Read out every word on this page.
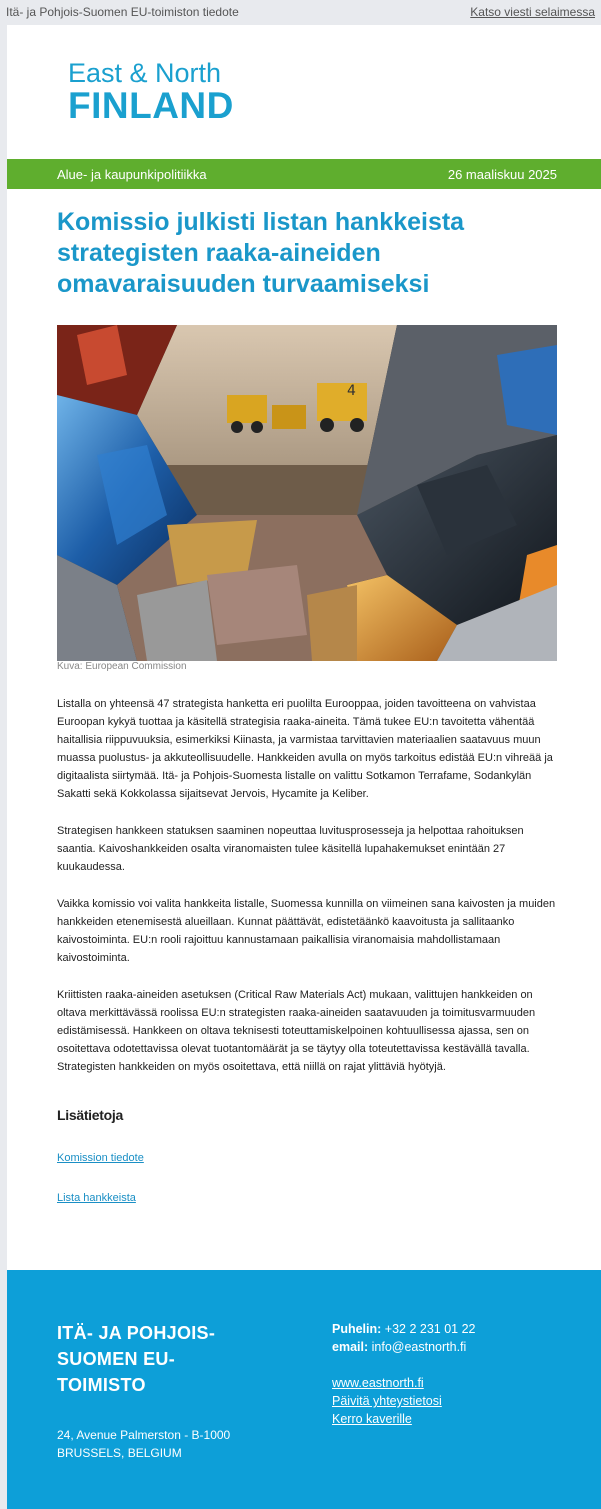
Itä- ja Pohjois-Suomen EU-toimiston tiedote	Katso viesti selaimessa
East & North
FINLAND
Alue- ja kaupunkipolitiikka	26 maaliskuu 2025
Komissio julkisti listan hankkeista strategisten raaka-aineiden omavaraisuuden turvaamiseksi
4
Kuva: European Commission

Listalla on yhteensä 47 strategista hanketta eri puolilta Eurooppaa, joiden tavoitteena on vahvistaa Euroopan kykyä tuottaa ja käsitellä strategisia raaka-aineita. Tämä tukee EU:n tavoitetta vähentää haitallisia riippuvuuksia, esimerkiksi Kiinasta, ja varmistaa tarvittavien materiaalien saatavuus muun muassa puolustus- ja akkuteollisuudelle. Hankkeiden avulla on myös tarkoitus edistää EU:n vihreää ja digitaalista siirtymää. Itä- ja Pohjois-Suomesta listalle on valittu Sotkamon Terrafame, Sodankylän Sakatti sekä Kokkolassa sijaitsevat Jervois, Hycamite ja Keliber.

Strategisen hankkeen statuksen saaminen nopeuttaa luvitusprosesseja ja helpottaa rahoituksen saantia. Kaivoshankkeiden osalta viranomaisten tulee käsitellä lupahakemukset enintään 27 kuukaudessa.

Vaikka komissio voi valita hankkeita listalle, Suomessa kunnilla on viimeinen sana kaivosten ja muiden hankkeiden etenemisestä alueillaan. Kunnat päättävät, edistetäänkö kaavoitusta ja sallitaanko kaivostoiminta. EU:n rooli rajoittuu kannustamaan paikallisia viranomaisia mahdollistamaan kaivostoiminta.

Kriittisten raaka-aineiden asetuksen (Critical Raw Materials Act) mukaan, valittujen hankkeiden on oltava merkittävässä roolissa EU:n strategisten raaka-aineiden saatavuuden ja toimitusvarmuuden edistämisessä. Hankkeen on oltava teknisesti toteuttamiskelpoinen kohtuullisessa ajassa, sen on osoitettava odotettavissa olevat tuotantomäärät ja se täytyy olla toteutettavissa kestävällä tavalla. Strategisten hankkeiden on myös osoitettava, että niillä on rajat ylittäviä hyötyjä.

Lisätietoja
Komission tiedote
Lista hankkeista
ITÄ- JA POHJOIS-SUOMEN EU-TOIMISTO
24, Avenue Palmerston - B-1000
BRUSSELS, BELGIUM
Puhelin: +32 2 231 01 22
email: info@eastnorth.fi
www.eastnorth.fi
Päivitä yhteystietosi
Kerro kaverille
